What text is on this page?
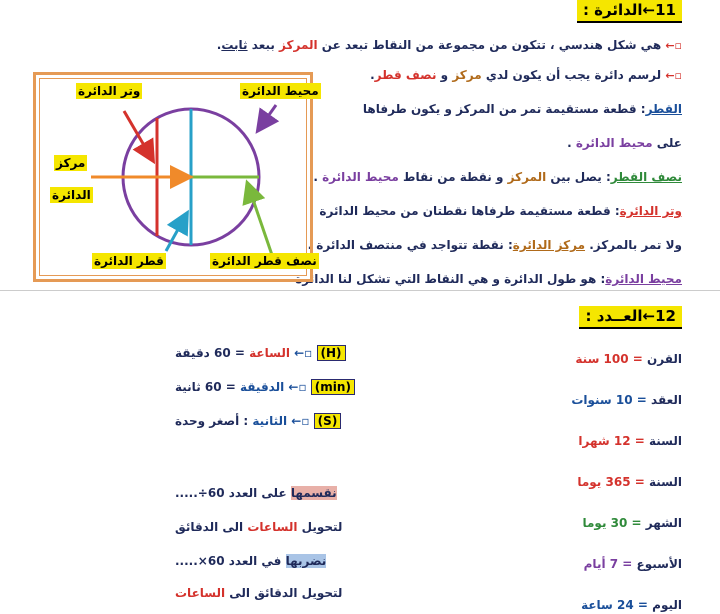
11←الدائرة :
▫← هي شكل هندسي ، تتكون من مجموعة من النقاط تبعد عن المركز ببعد ثابت.
▫← لرسم دائرة يجب أن يكون لدي مركز و نصف قطر.
القطر: قطعة مستقيمة تمر من المركز و يكون طرفاها
على محيط الدائرة .
نصف القطر: يصل بين المركز و نقطة من نقاط محيط الدائرة .
وتر الدائرة: قطعة مستقيمة طرفاها نقطتان من محيط الدائرة
ولا تمر بالمركز. مركز الدائرة: نقطة تتواجد في منتصف الدائرة .
محيط الدائرة: هو طول الدائرة و هي النقاط التي تشكل لنا الدائرة
وتر الدائرة	محيط الدائرة
مركز
الدائرة
قطر الدائرة	نصف قطر الدائرة
12←العــدد :
القرن = 100 سنة
العقد = 10 سنوات
السنة = 12 شهرا
السنة = 365 يوما
الشهر = 30 يوما
الأسبوع = 7 أيام
اليوم = 24 ساعة
(H) ▫← الساعة = 60 دقيقة
(min) ▫← الدقيقة = 60 ثانية
(S) ▫← الثانية : أصغر وحدة
نقسمها على العدد 60÷.....
لتحويل الساعات الى الدقائق
نضربها في العدد 60×.....
لتحويل الدقائق الى الساعات
